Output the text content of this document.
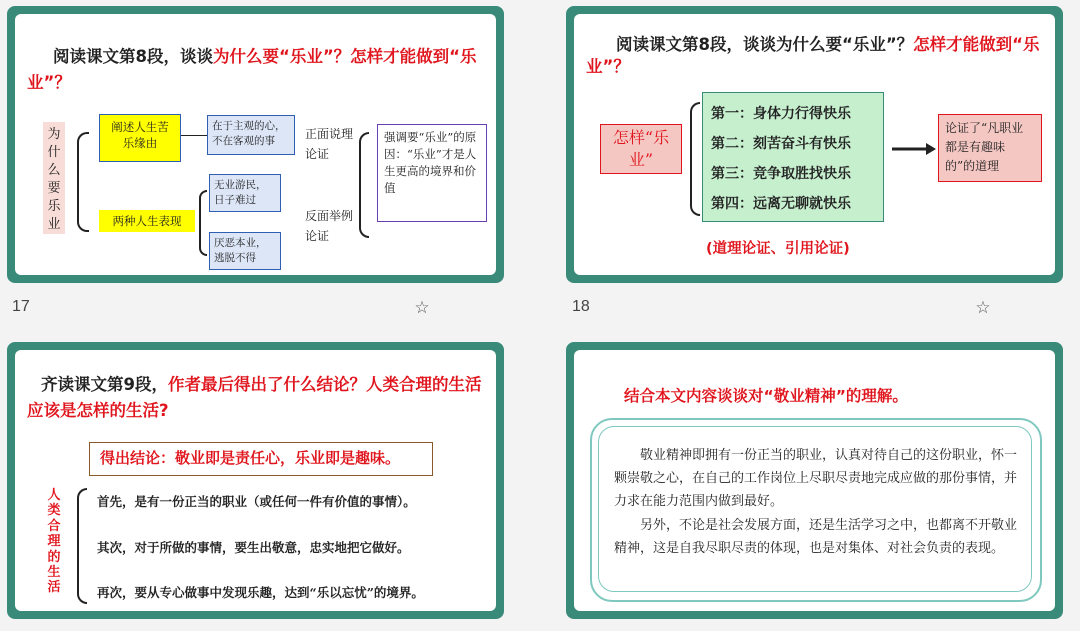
阅读课文第8段，谈谈为什么要“乐业”？怎样才能做到“乐业”？
为什么要乐业
阐述人生苦乐缘由
两种人生表现
在于主观的心，不在客观的事
无业游民，日子难过
厌恶本业，逃脱不得
正面说理论证
反面举例论证
强调要“乐业”的原因：“乐业”才是人生更高的境界和价值
17	☆
阅读课文第8段，谈谈为什么要“乐业”？怎样才能做到“乐业”？
怎样“乐业”
第一：身体力行得快乐
第二：刻苦奋斗有快乐
第三：竞争取胜找快乐
第四：远离无聊就快乐
论证了“凡职业都是有趣味的”的道理
(道理论证、引用论证)
18	☆
齐读课文第9段，作者最后得出了什么结论？人类合理的生活应该是怎样的生活?
得出结论：敬业即是责任心，乐业即是趣味。
人类合理的生活
首先，是有一份正当的职业（或任何一件有价值的事情）。
其次，对于所做的事情，要生出敬意，忠实地把它做好。
再次，要从专心做事中发现乐趣，达到“乐以忘忧”的境界。
结合本文内容谈谈对“敬业精神”的理解。
敬业精神即拥有一份正当的职业，认真对待自己的这份职业，怀一颗崇敬之心，在自己的工作岗位上尽职尽责地完成应做的那份事情，并力求在能力范围内做到最好。
另外，不论是社会发展方面，还是生活学习之中，也都离不开敬业精神，这是自我尽职尽责的体现，也是对集体、对社会负责的表现。
